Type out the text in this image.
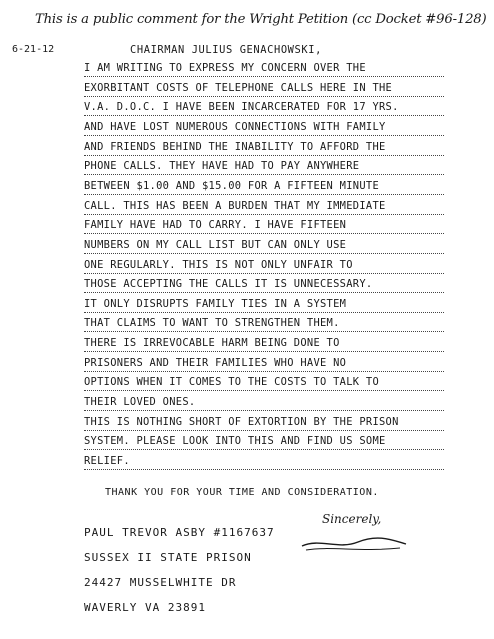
This is a public comment for the Wright Petition (cc Docket #96-128)
6-21-12	CHAIRMAN JULIUS GENACHOWSKI,
I AM WRITING TO EXPRESS MY CONCERN OVER THE
EXORBITANT COSTS OF TELEPHONE CALLS HERE IN THE
V.A. D.O.C. I HAVE BEEN INCARCERATED FOR 17 YRS.
AND HAVE LOST NUMEROUS CONNECTIONS WITH FAMILY
AND FRIENDS BEHIND THE INABILITY TO AFFORD THE
PHONE CALLS. THEY HAVE HAD TO PAY ANYWHERE
BETWEEN $1.00 AND $15.00 FOR A FIFTEEN MINUTE
CALL. THIS HAS BEEN A BURDEN THAT MY IMMEDIATE
FAMILY HAVE HAD TO CARRY. I HAVE FIFTEEN
NUMBERS ON MY CALL LIST BUT CAN ONLY USE
ONE REGULARLY. THIS IS NOT ONLY UNFAIR TO
THOSE ACCEPTING THE CALLS IT IS UNNECESSARY.
IT ONLY DISRUPTS FAMILY TIES IN A SYSTEM
THAT CLAIMS TO WANT TO STRENGTHEN THEM.
THERE IS IRREVOCABLE HARM BEING DONE TO
PRISONERS AND THEIR FAMILIES WHO HAVE NO
OPTIONS WHEN IT COMES TO THE COSTS TO TALK TO
THEIR LOVED ONES.
THIS IS NOTHING SHORT OF EXTORTION BY THE PRISON
SYSTEM. PLEASE LOOK INTO THIS AND FIND US SOME
RELIEF.
THANK YOU FOR YOUR TIME AND CONSIDERATION.
Sincerely,
PAUL TREVOR ASBY #1167637
SUSSEX II STATE PRISON
24427 MUSSELWHITE DR
WAVERLY VA 23891
